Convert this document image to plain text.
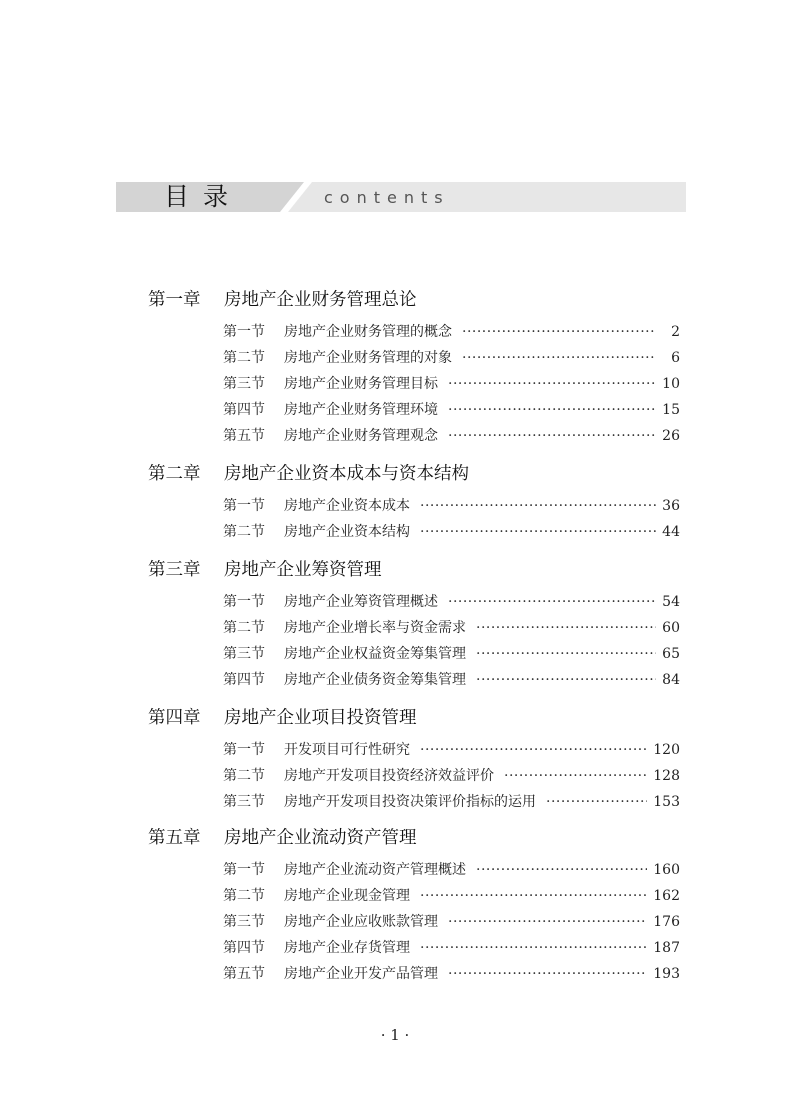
目录	contents
第一章 房地产企业财务管理总论
第一节	房地产企业财务管理的概念 ·····	2
第二节	房地产企业财务管理的对象 ·····	6
第三节	房地产企业财务管理目标 ·····	10
第四节	房地产企业财务管理环境 ·····	15
第五节	房地产企业财务管理观念 ·····	26
第二章 房地产企业资本成本与资本结构
第一节	房地产企业资本成本 ·····	36
第二节	房地产企业资本结构 ·····	44
第三章 房地产企业筹资管理
第一节	房地产企业筹资管理概述 ·····	54
第二节	房地产企业增长率与资金需求 ·····	60
第三节	房地产企业权益资金筹集管理 ·····	65
第四节	房地产企业债务资金筹集管理 ·····	84
第四章 房地产企业项目投资管理
第一节	开发项目可行性研究 ·····	120
第二节	房地产开发项目投资经济效益评价 ·····	128
第三节	房地产开发项目投资决策评价指标的运用 ·····	153
第五章 房地产企业流动资产管理
第一节	房地产企业流动资产管理概述 ·····	160
第二节	房地产企业现金管理 ·····	162
第三节	房地产企业应收账款管理 ·····	176
第四节	房地产企业存货管理 ·····	187
第五节	房地产企业开发产品管理 ·····	193
· 1 ·
